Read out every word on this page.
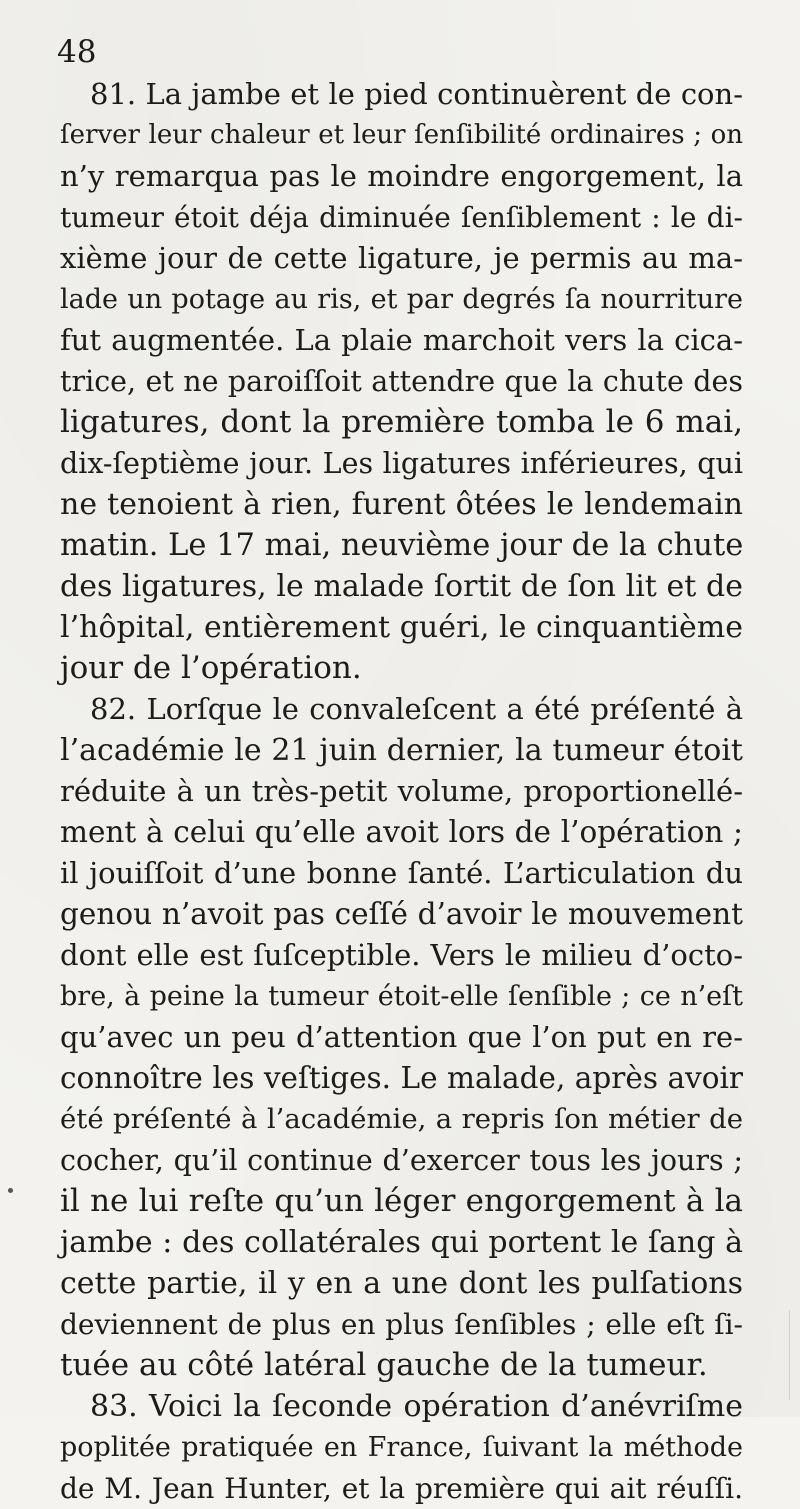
48
81. La jambe et le pied continuèrent de con-
ſerver leur chaleur et leur ſenſibilité ordinaires ; on
n’y remarqua pas le moindre engorgement, la
tumeur étoit déja diminuée ſenſiblement : le di-
xième jour de cette ligature, je permis au ma-
lade un potage au ris, et par degrés ſa nourriture
fut augmentée. La plaie marchoit vers la cica-
trice, et ne paroiſſoit attendre que la chute des
ligatures, dont la première tomba le 6 mai,
dix-ſeptième jour. Les ligatures inférieures, qui
ne tenoient à rien, furent ôtées le lendemain
matin. Le 17 mai, neuvième jour de la chute
des ligatures, le malade ſortit de ſon lit et de
l’hôpital, entièrement guéri, le cinquantième
jour de l’opération.
82. Lorſque le convaleſcent a été préſenté à
l’académie le 21 juin dernier, la tumeur étoit
réduite à un très-petit volume, proportionellé-
ment à celui qu’elle avoit lors de l’opération ;
il jouiſſoit d’une bonne ſanté. L’articulation du
genou n’avoit pas ceſſé d’avoir le mouvement
dont elle est ſuſceptible. Vers le milieu d’octo-
bre, à peine la tumeur étoit-elle ſenſible ; ce n’eſt
qu’avec un peu d’attention que l’on put en re-
connoître les veſtiges. Le malade, après avoir
été préſenté à l’académie, a repris ſon métier de
cocher, qu’il continue d’exercer tous les jours ;
il ne lui reſte qu’un léger engorgement à la
jambe : des collatérales qui portent le ſang à
cette partie, il y en a une dont les pulſations
deviennent de plus en plus ſenſibles ; elle eſt ſi-
tuée au côté latéral gauche de la tumeur.
83. Voici la ſeconde opération d’anévriſme
poplitée pratiquée en France, ſuivant la méthode
de M. Jean Hunter, et la première qui ait réuſſi.
